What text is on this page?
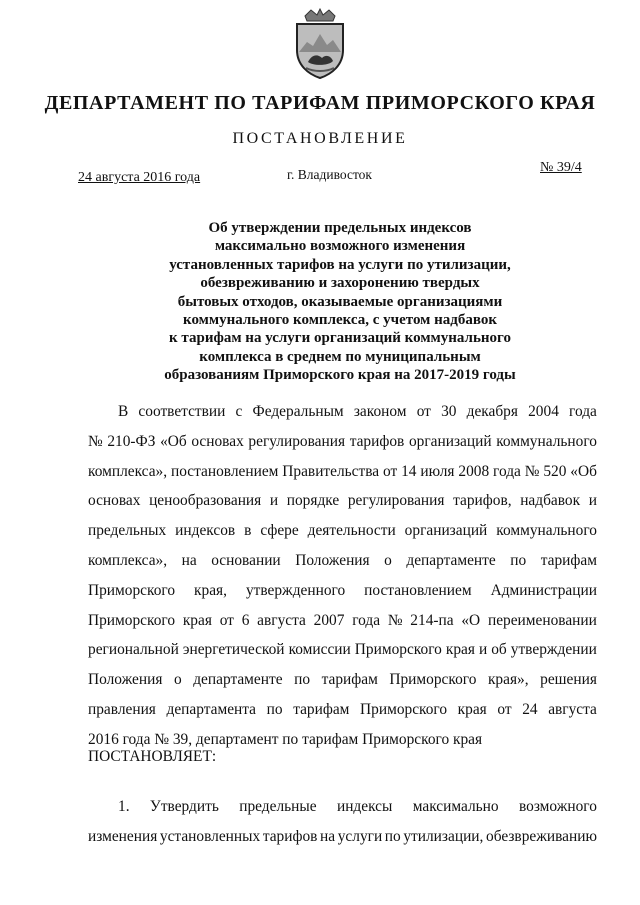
ДЕПАРТАМЕНТ ПО ТАРИФАМ ПРИМОРСКОГО КРАЯ
ПОСТАНОВЛЕНИЕ
24 августа 2016 года	г. Владивосток	№ 39/4
Об утверждении предельных индексов
максимально возможного изменения
установленных тарифов на услуги по утилизации,
обезвреживанию и захоронению твердых
бытовых отходов, оказываемые организациями
коммунального комплекса, с учетом надбавок
к тарифам на услуги организаций коммунального
комплекса в среднем по муниципальным
образованиям Приморского края на 2017-2019 годы
В соответствии с Федеральным законом от 30 декабря 2004 года
№ 210-ФЗ «Об основах регулирования тарифов организаций коммунального
комплекса», постановлением Правительства от 14 июля 2008 года № 520 «Об
основах ценообразования и порядке регулирования тарифов, надбавок и
предельных индексов в сфере деятельности организаций коммунального
комплекса», на основании Положения о департаменте по тарифам
Приморского края, утвержденного постановлением Администрации
Приморского края от 6 августа 2007 года № 214-па «О переименовании
региональной энергетической комиссии Приморского края и об утверждении
Положения о департаменте по тарифам Приморского края», решения
правления департамента по тарифам Приморского края от 24 августа
2016 года № 39, департамент по тарифам Приморского края
ПОСТАНОВЛЯЕТ:
1. Утвердить предельные индексы максимально возможного
изменения установленных тарифов на услуги по утилизации, обезвреживанию
